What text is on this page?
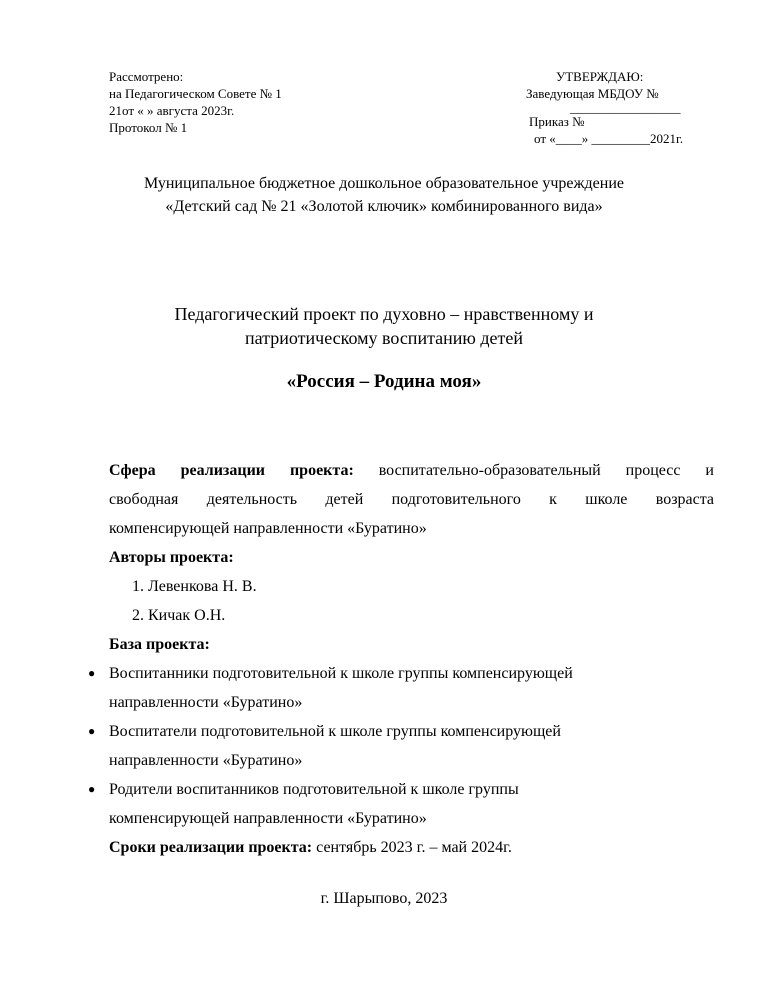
Рассмотрено:
на Педагогическом Совете № 1
21от « » августа 2023г.
Протокол № 1
УТВЕРЖДАЮ:
Заведующая МБДОУ №
_________________
Приказ №
от «____» _________2021г.
Муниципальное бюджетное дошкольное образовательное учреждение
«Детский сад № 21 «Золотой ключик» комбинированного вида»
Педагогический проект по духовно – нравственному и
патриотическому воспитанию детей
«Россия – Родина моя»
Сфера реализации проекта: воспитательно-образовательный процесс и
свободная деятельность детей подготовительного к школе возраста
компенсирующей направленности «Буратино»
Авторы проекта:
1. Левенкова Н. В.
2. Кичак О.Н.
База проекта:
● Воспитанники подготовительной к школе группы компенсирующей
направленности «Буратино»
● Воспитатели подготовительной к школе группы компенсирующей
направленности «Буратино»
● Родители воспитанников подготовительной к школе группы
компенсирующей направленности «Буратино»
Сроки реализации проекта: сентябрь 2023 г. – май 2024г.
г. Шарыпово, 2023
